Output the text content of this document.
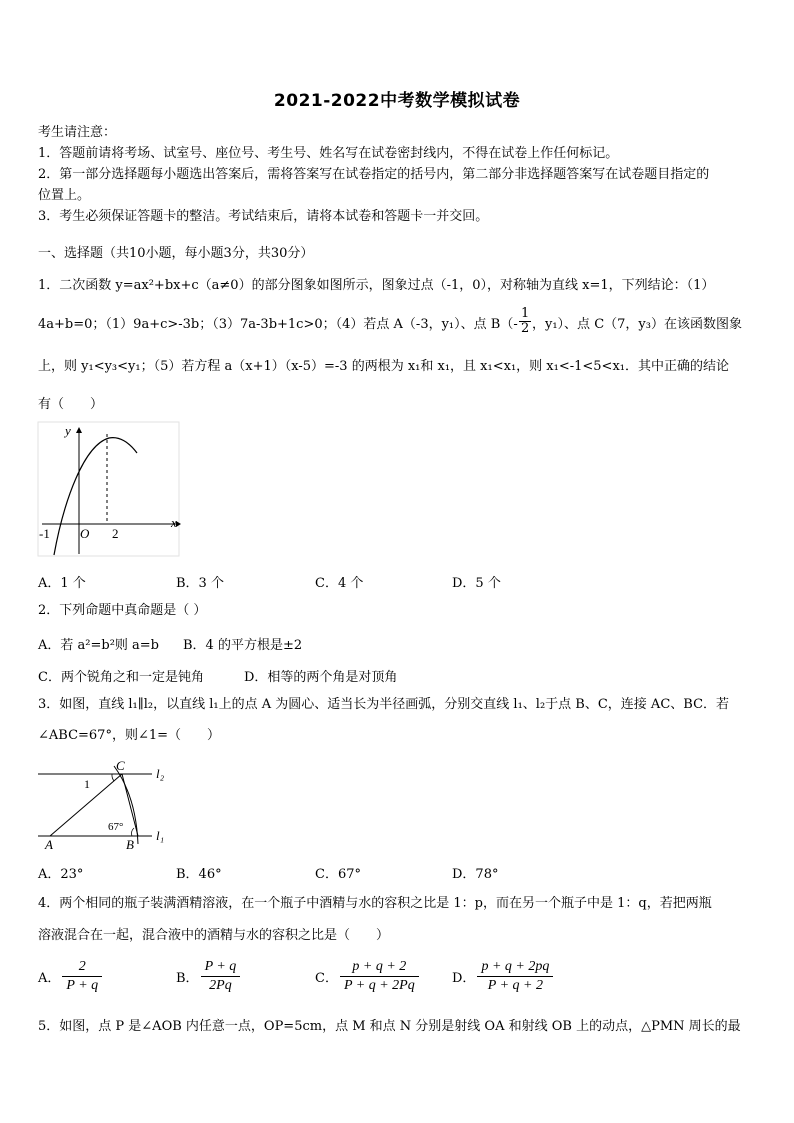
2021-2022中考数学模拟试卷
考生请注意：
1．答题前请将考场、试室号、座位号、考生号、姓名写在试卷密封线内，不得在试卷上作任何标记。
2．第一部分选择题每小题选出答案后，需将答案写在试卷指定的括号内，第二部分非选择题答案写在试卷题目指定的
位置上。
3．考生必须保证答题卡的整洁。考试结束后，请将本试卷和答题卡一并交回。
一、选择题（共10小题，每小题3分，共30分）
1．二次函数 y=ax²+bx+c（a≠0）的部分图象如图所示，图象过点（-1，0），对称轴为直线 x=1，下列结论：（1）
4a+b=0；（1）9a+c>-3b；（3）7a-3b+1c>0；（4）若点 A（-3，y₁）、点 $B(- \frac{1}{2}$ ，y₁）、点 C（7，y₃）在该函数图象
上，则 y₁<y₃<y₁；（5）若方程 a（x+1）（x-5）=-3 的两根为 x₁和 x₁，且 x₁<x₁，则 x₁<-1<5<x₁．其中正确的结论
有（　　）
x
y
O
-1	2
A．1 个	B．3 个	C．4 个	D．5 个
2．下列命题中真命题是（ ）
A．若 a²=b²则 a=b B．4 的平方根是±2
C．两个锐角之和一定是钝角	D．相等的两个角是对顶角
3．如图，直线 l₁∥l₂，以直线 l₁上的点 A 为圆心、适当长为半径画弧，分别交直线 l₁、l₂于点 B、C，连接 AC、BC．若
∠ABC=67°，则∠1=（　　）
C
l₂
l₁
A	B
1
67°
A．23°	B．46°	C．67°	D．78°
4．两个相同的瓶子装满酒精溶液，在一个瓶子中酒精与水的容积之比是 1：p，而在另一个瓶子中是 1：q，若把两瓶
溶液混合在一起，混合液中的酒精与水的容积之比是（　　）
A． $\frac{2}{P + q}$	B． $\frac{P + q}{2Pq}$	C． $\frac{p + q + 2}{P + q + 2Pq}$	D． $\frac{p + q + 2pq}{P + q + 2}$
5．如图，点 P 是∠AOB 内任意一点，OP=5cm，点 M 和点 N 分别是射线 OA 和射线 OB 上的动点，△PMN 周长的最
